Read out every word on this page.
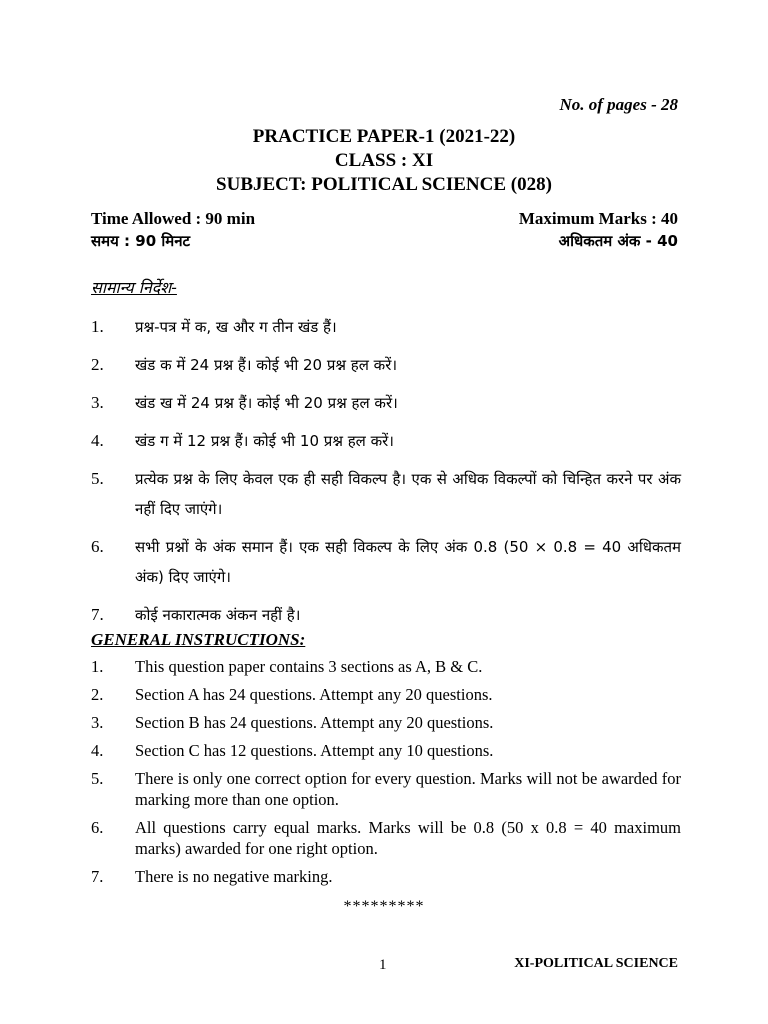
No. of pages - 28
PRACTICE PAPER-1 (2021-22)
CLASS : XI
SUBJECT: POLITICAL SCIENCE (028)
Time Allowed : 90 min	Maximum Marks : 40
समय : 90 मिनट	अधिकतम अंक - 40
सामान्य निर्देश-
1.	प्रश्न-पत्र में क, ख और ग तीन खंड हैं।
2.	खंड क में 24 प्रश्न हैं। कोई भी 20 प्रश्न हल करें।
3.	खंड ख में 24 प्रश्न हैं। कोई भी 20 प्रश्न हल करें।
4.	खंड ग में 12 प्रश्न हैं। कोई भी 10 प्रश्न हल करें।
5.	प्रत्येक प्रश्न के लिए केवल एक ही सही विकल्प है। एक से अधिक विकल्पों को चिन्हित करने पर अंक नहीं दिए जाएंगे।
6.	सभी प्रश्नों के अंक समान हैं। एक सही विकल्प के लिए अंक 0.8 (50 × 0.8 = 40 अधिकतम अंक) दिए जाएंगे।
7.	कोई नकारात्मक अंकन नहीं है।
GENERAL INSTRUCTIONS:
1.	This question paper contains 3 sections as A, B & C.
2.	Section A has 24 questions. Attempt any 20 questions.
3.	Section B has 24 questions. Attempt any 20 questions.
4.	Section C has 12 questions. Attempt any 10 questions.
5.	There is only one correct option for every question. Marks will not be awarded for marking more than one option.
6.	All questions carry equal marks. Marks will be 0.8 (50 x 0.8 = 40 maximum marks) awarded for one right option.
7.	There is no negative marking.
*********
1	XI-POLITICAL SCIENCE
